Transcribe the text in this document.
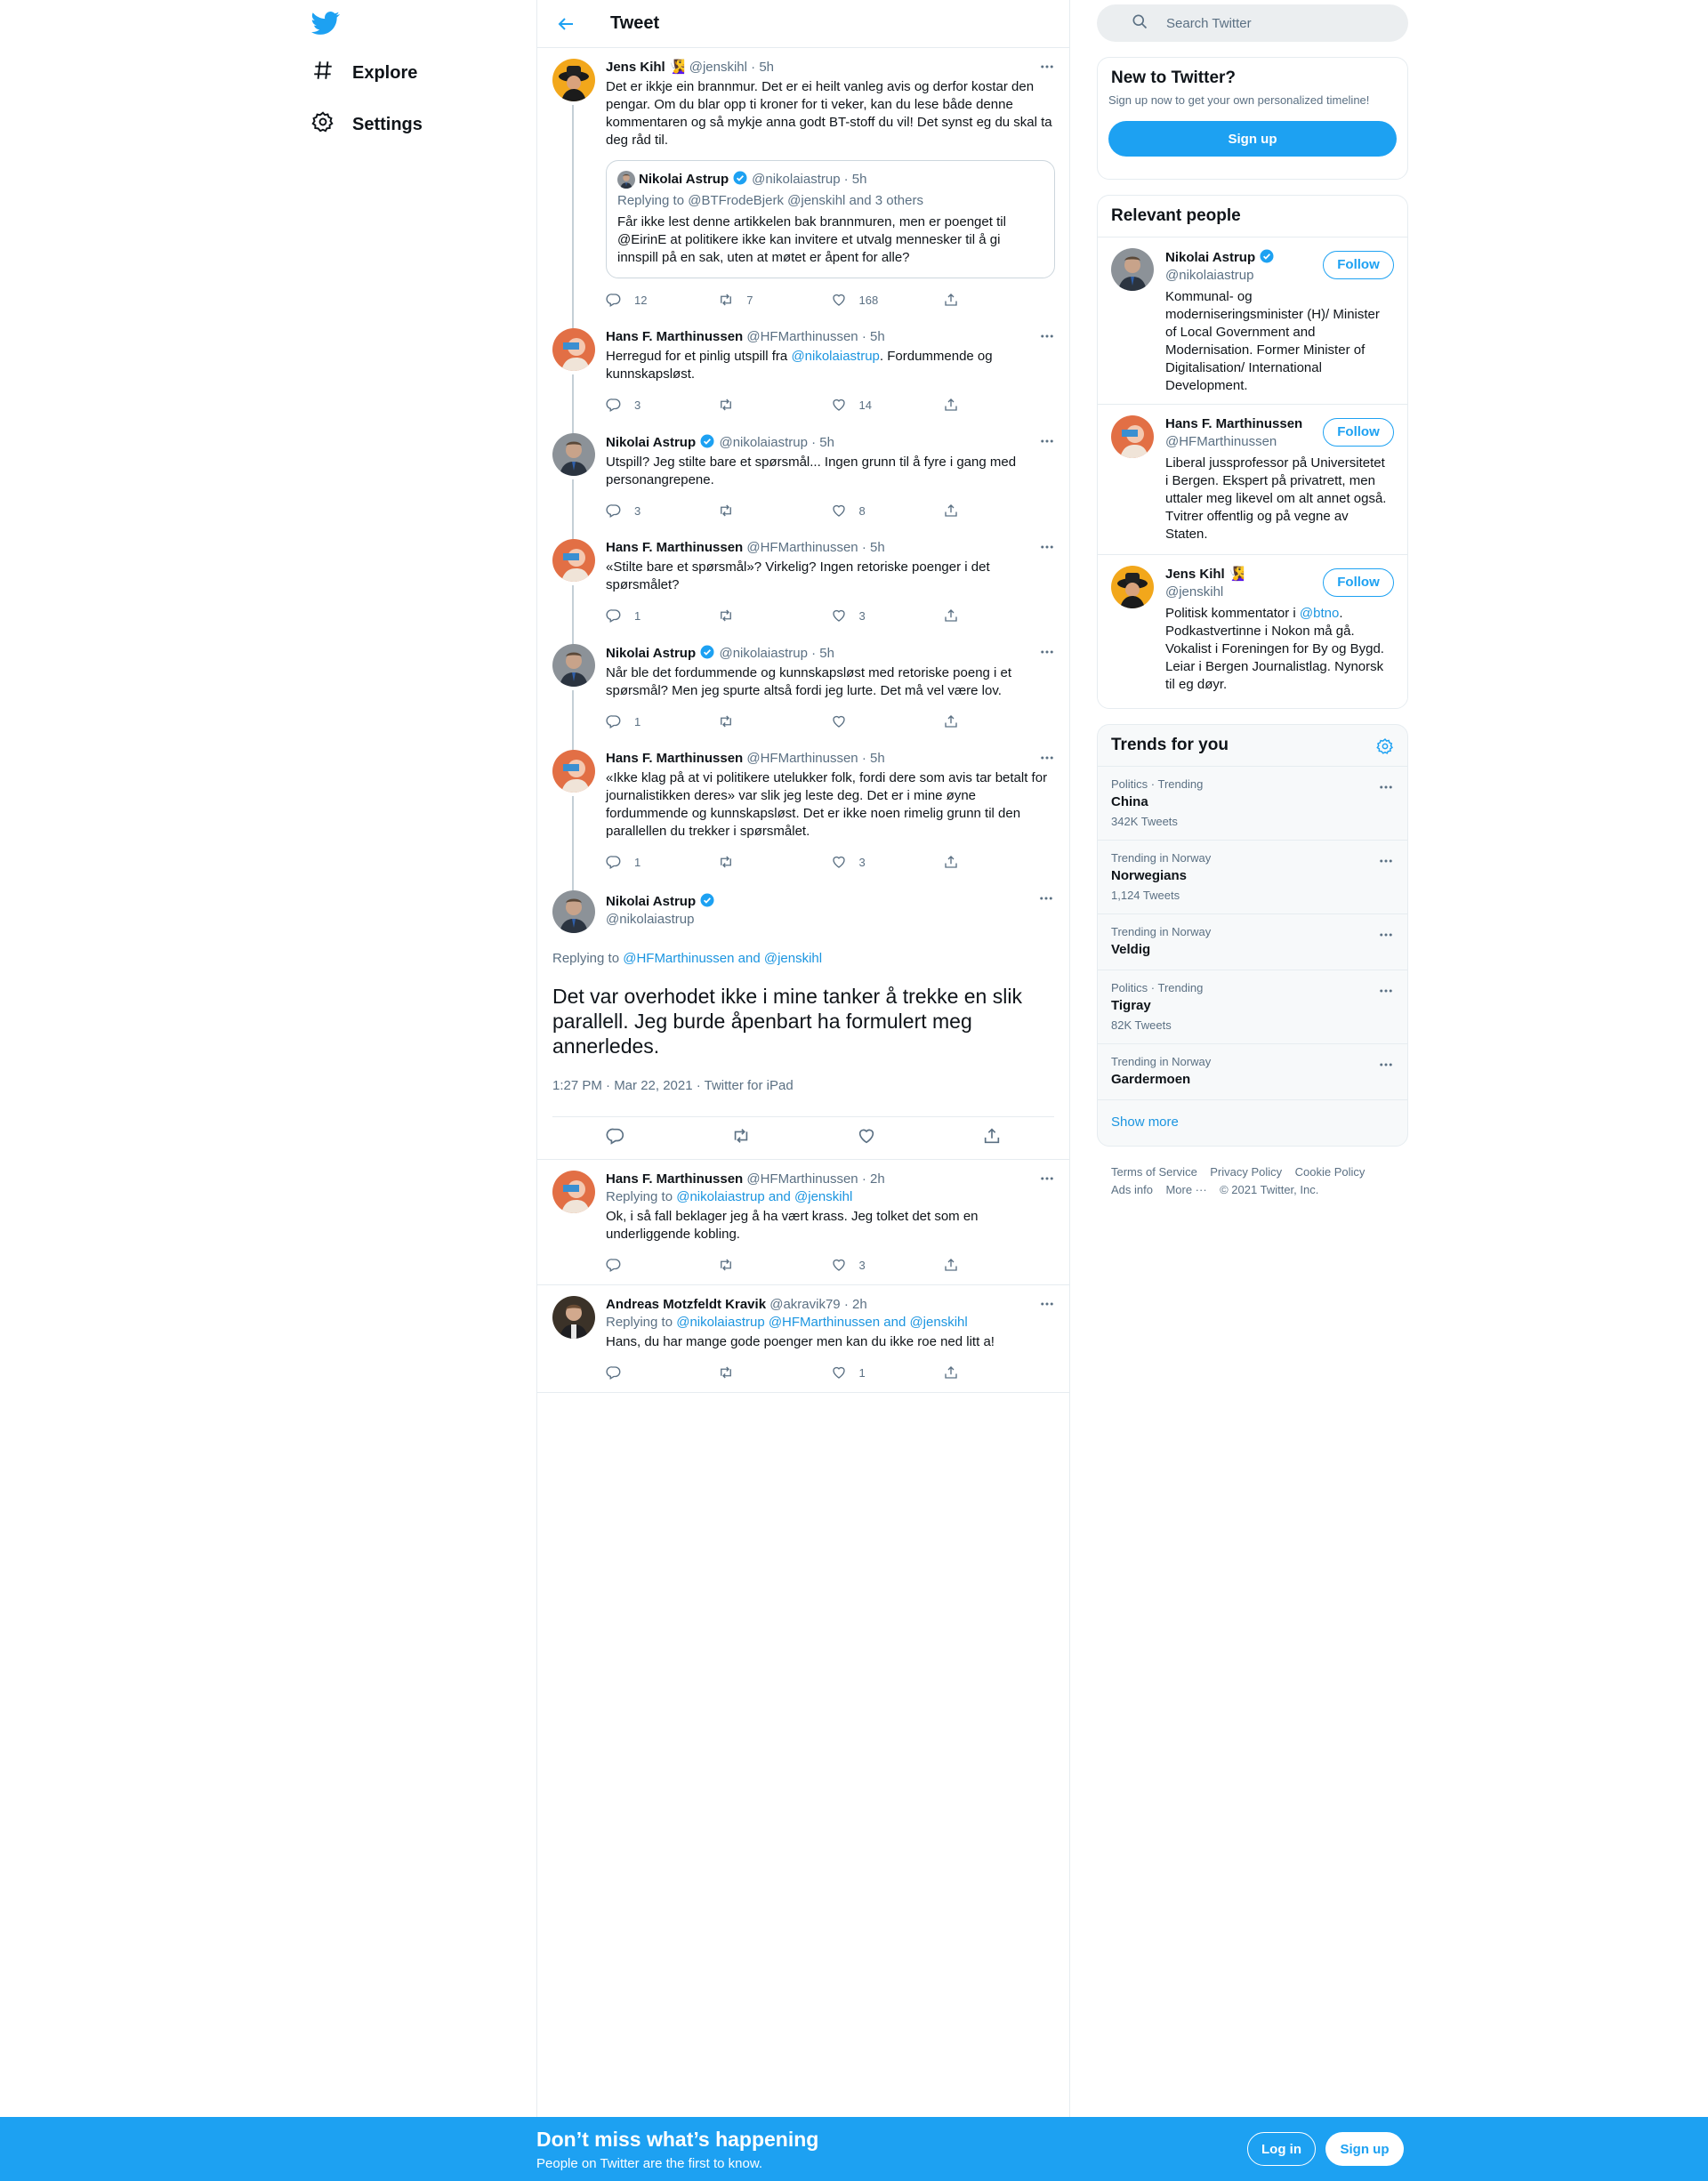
Explore
Settings
Tweet
Jens Kihl 🧏‍♀️ @jenskihl · 5h
Det er ikkje ein brannmur. Det er ei heilt vanleg avis og derfor kostar den pengar. Om du blar opp ti kroner for ti veker, kan du lese både denne kommentaren og så mykje anna godt BT-stoff du vil! Det synst eg du skal ta deg råd til.
Nikolai Astrup @nikolaiastrup · 5h
Replying to @BTFrodeBjerk @jenskihl and 3 others
Får ikke lest denne artikkelen bak brannmuren, men er poenget til @EirinE at politikere ikke kan invitere et utvalg mennesker til å gi innspill på en sak, uten at møtet er åpent for alle?
12	7	168
Hans F. Marthinussen @HFMarthinussen · 5h
Herregud for et pinlig utspill fra @nikolaiastrup. Fordummende og kunnskapsløst.
3	14
Nikolai Astrup @nikolaiastrup · 5h
Utspill? Jeg stilte bare et spørsmål... Ingen grunn til å fyre i gang med personangrepene.
3	8
Hans F. Marthinussen @HFMarthinussen · 5h
«Stilte bare et spørsmål»? Virkelig? Ingen retoriske poenger i det spørsmålet?
1	3
Nikolai Astrup @nikolaiastrup · 5h
Når ble det fordummende og kunnskapsløst med retoriske poeng i et spørsmål? Men jeg spurte altså fordi jeg lurte. Det må vel være lov.
1
Hans F. Marthinussen @HFMarthinussen · 5h
«Ikke klag på at vi politikere utelukker folk, fordi dere som avis tar betalt for journalistikken deres» var slik jeg leste deg. Det er i mine øyne fordummende og kunnskapsløst. Det er ikke noen rimelig grunn til den parallellen du trekker i spørsmålet.
1	3
Nikolai Astrup
@nikolaiastrup
Replying to @HFMarthinussen and @jenskihl
Det var overhodet ikke i mine tanker å trekke en slik parallell. Jeg burde åpenbart ha formulert meg annerledes.
1:27 PM · Mar 22, 2021 · Twitter for iPad
Hans F. Marthinussen @HFMarthinussen · 2h
Replying to @nikolaiastrup and @jenskihl
Ok, i så fall beklager jeg å ha vært krass. Jeg tolket det som en underliggende kobling.
3
Andreas Motzfeldt Kravik @akravik79 · 2h
Replying to @nikolaiastrup @HFMarthinussen and @jenskihl
Hans, du har mange gode poenger men kan du ikke roe ned litt a!
1
Search Twitter
New to Twitter?
Sign up now to get your own personalized timeline!
Sign up
Relevant people
Nikolai Astrup
@nikolaiastrup
Kommunal- og moderniseringsminister (H)/ Minister of Local Government and Modernisation. Former Minister of Digitalisation/ International Development.
Follow
Hans F. Marthinussen
@HFMarthinussen
Liberal jussprofessor på Universitetet i Bergen. Ekspert på privatrett, men uttaler meg likevel om alt annet også. Tvitrer offentlig og på vegne av Staten.
Follow
Jens Kihl 🧏‍♀️
@jenskihl
Politisk kommentator i @btno. Podkastvertinne i Nokon må gå. Vokalist i Foreningen for By og Bygd. Leiar i Bergen Journalistlag. Nynorsk til eg døyr.
Follow
Trends for you
Politics · Trending
China
342K Tweets
Trending in Norway
Norwegians
1,124 Tweets
Trending in Norway
Veldig
Politics · Trending
Tigray
82K Tweets
Trending in Norway
Gardermoen
Show more
Terms of Service Privacy Policy Cookie Policy
Ads info More ··· © 2021 Twitter, Inc.
Don’t miss what’s happening
People on Twitter are the first to know.
Log in	Sign up
